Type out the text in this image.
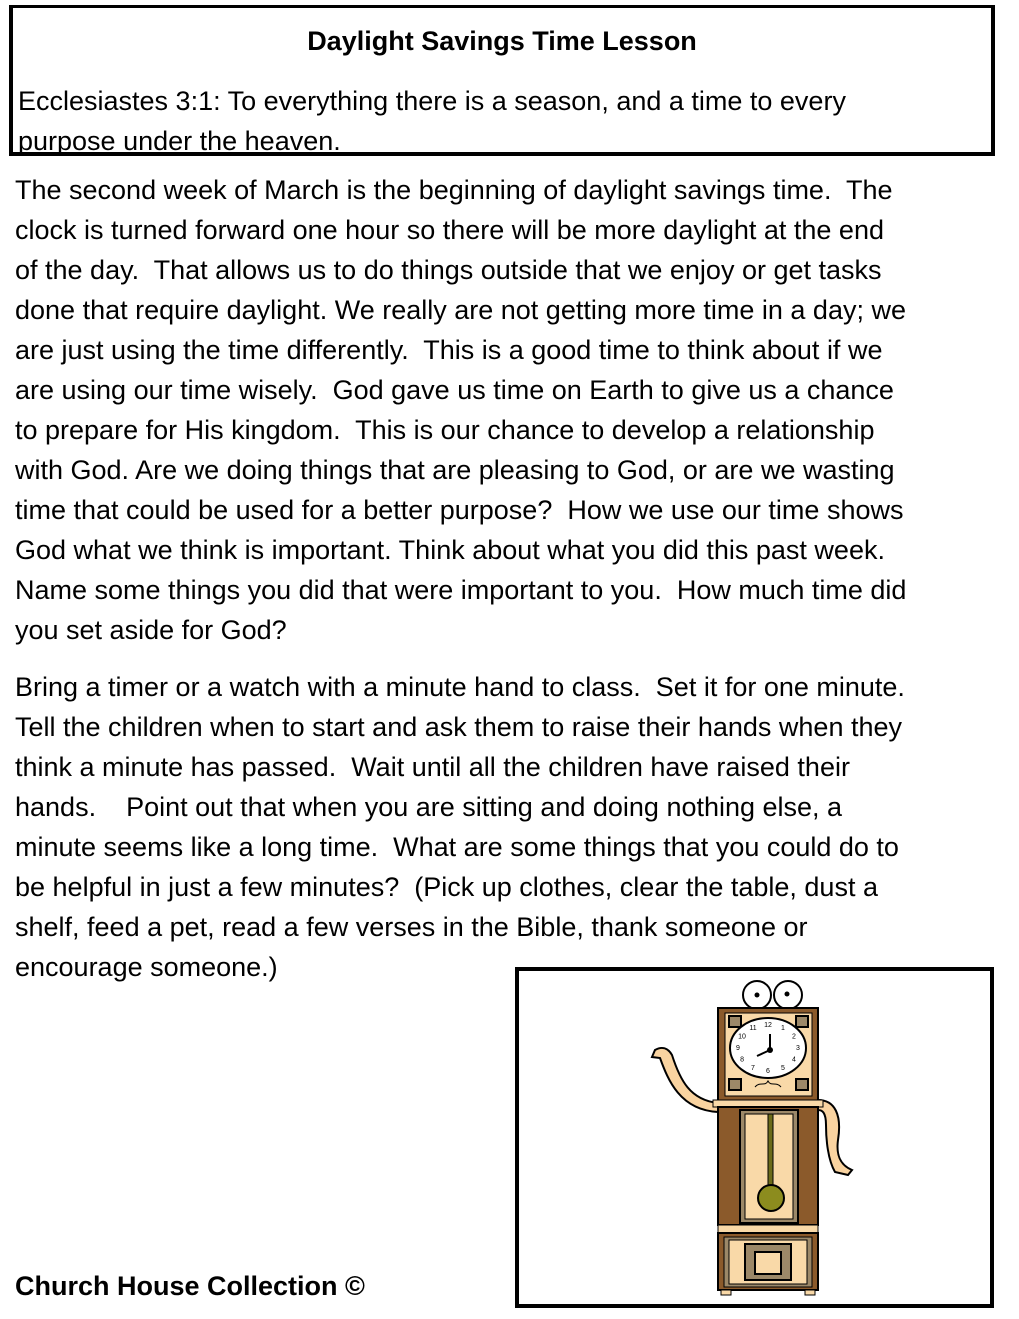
Daylight Savings Time Lesson
Ecclesiastes 3:1: To everything there is a season, and a time to every
purpose under the heaven.
The second week of March is the beginning of daylight savings time.  The
clock is turned forward one hour so there will be more daylight at the end
of the day.  That allows us to do things outside that we enjoy or get tasks
done that require daylight. We really are not getting more time in a day; we
are just using the time differently.  This is a good time to think about if we
are using our time wisely.  God gave us time on Earth to give us a chance
to prepare for His kingdom.  This is our chance to develop a relationship
with God. Are we doing things that are pleasing to God, or are we wasting
time that could be used for a better purpose?  How we use our time shows
God what we think is important. Think about what you did this past week.
Name some things you did that were important to you.  How much time did
you set aside for God?
Bring a timer or a watch with a minute hand to class.  Set it for one minute.
Tell the children when to start and ask them to raise their hands when they
think a minute has passed.  Wait until all the children have raised their
hands.    Point out that when you are sitting and doing nothing else, a
minute seems like a long time.  What are some things that you could do to
be helpful in just a few minutes?  (Pick up clothes, clear the table, dust a
shelf, feed a pet, read a few verses in the Bible, thank someone or
encourage someone.)
Church House Collection ©
12 1
2
3
4
5
6
7
8
9
10
11
